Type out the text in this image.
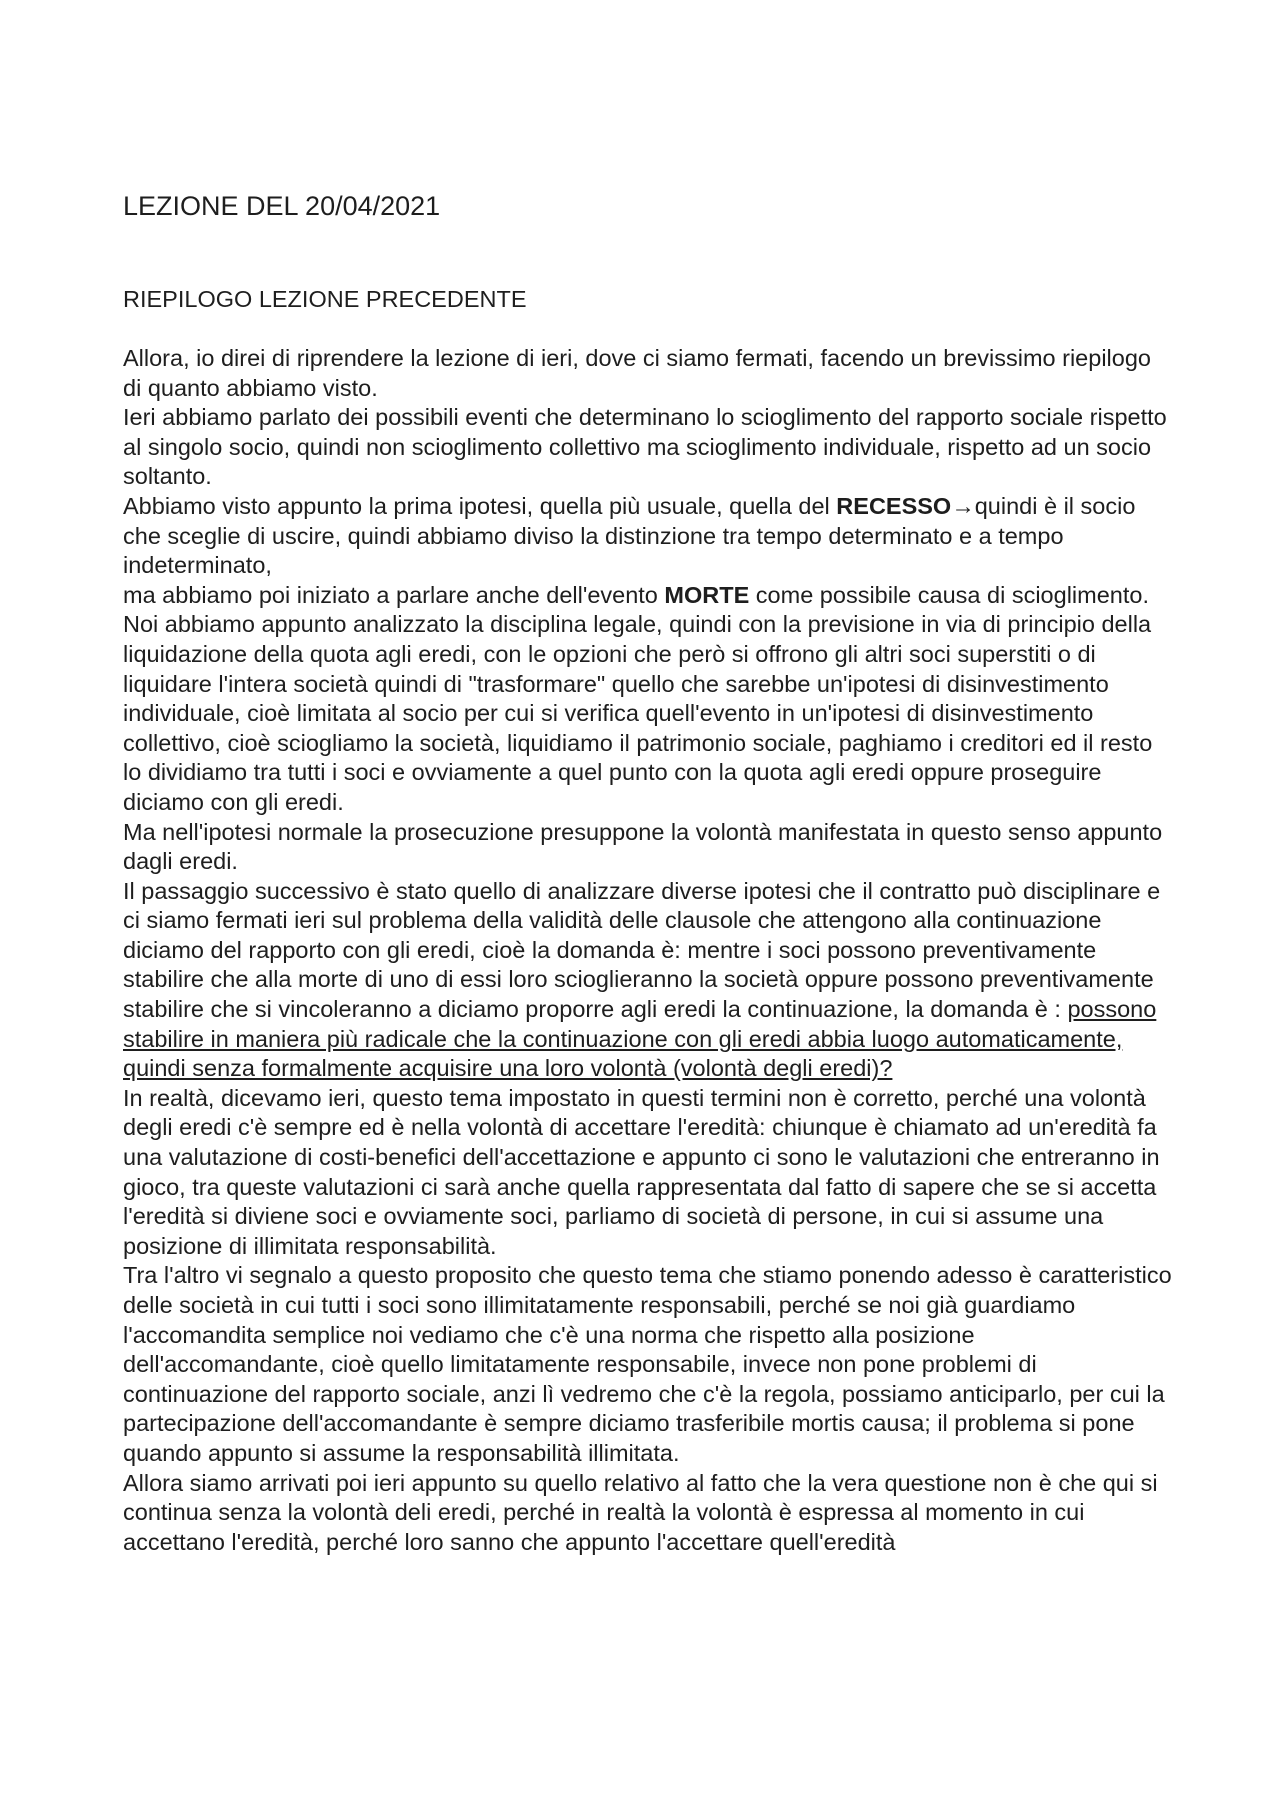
LEZIONE DEL 20/04/2021
RIEPILOGO LEZIONE PRECEDENTE

Allora, io direi di riprendere la lezione di ieri, dove ci siamo fermati, facendo un brevissimo riepilogo di quanto abbiamo visto.

Ieri abbiamo parlato dei possibili eventi che determinano lo scioglimento del rapporto sociale rispetto al singolo socio, quindi non scioglimento collettivo ma scioglimento individuale, rispetto ad un socio soltanto.

Abbiamo visto appunto la prima ipotesi, quella più usuale, quella del RECESSO→quindi è il socio che sceglie di uscire, quindi abbiamo diviso la distinzione tra tempo determinato e a tempo indeterminato,

ma abbiamo poi iniziato a parlare anche dell'evento MORTE come possibile causa di scioglimento.

Noi abbiamo appunto analizzato la disciplina legale, quindi con la previsione in via di principio della liquidazione della quota agli eredi, con le opzioni che però si offrono gli altri soci superstiti o di liquidare l'intera società quindi di "trasformare" quello che sarebbe un'ipotesi di disinvestimento individuale, cioè limitata al socio per cui si verifica quell'evento in un'ipotesi di disinvestimento collettivo, cioè sciogliamo la società, liquidiamo il patrimonio sociale, paghiamo i creditori ed il resto lo dividiamo tra tutti i soci e ovviamente a quel punto con la quota agli eredi oppure proseguire diciamo con gli eredi.

Ma nell'ipotesi normale la prosecuzione presuppone la volontà manifestata in questo senso appunto dagli eredi.

Il passaggio successivo è stato quello di analizzare diverse ipotesi che il contratto può disciplinare e ci siamo fermati ieri sul problema della validità delle clausole che attengono alla continuazione diciamo del rapporto con gli eredi, cioè la domanda è: mentre i soci possono preventivamente stabilire che alla morte di uno di essi loro scioglieranno la società oppure possono preventivamente stabilire che si vincoleranno a diciamo proporre agli eredi la continuazione, la domanda è : possono stabilire in maniera più radicale che la continuazione con gli eredi abbia luogo automaticamente, quindi senza formalmente acquisire una loro volontà (volontà degli eredi)?

In realtà, dicevamo ieri, questo tema impostato in questi termini non è corretto, perché una volontà degli eredi c'è sempre ed è nella volontà di accettare l'eredità: chiunque è chiamato ad un'eredità fa una valutazione di costi-benefici dell'accettazione e appunto ci sono le valutazioni che entreranno in gioco, tra queste valutazioni ci sarà anche quella rappresentata dal fatto di sapere che se si accetta l'eredità si diviene soci e ovviamente soci, parliamo di società di persone, in cui si assume una posizione di illimitata responsabilità.

Tra l'altro vi segnalo a questo proposito che questo tema che stiamo ponendo adesso è caratteristico delle società in cui tutti i soci sono illimitatamente responsabili, perché se noi già guardiamo l'accomandita semplice noi vediamo che c'è una norma che rispetto alla posizione dell'accomandante, cioè quello limitatamente responsabile, invece non pone problemi di continuazione del rapporto sociale, anzi lì vedremo che c'è la regola, possiamo anticiparlo, per cui la partecipazione dell'accomandante è sempre diciamo trasferibile mortis causa; il problema si pone quando appunto si assume la responsabilità illimitata.

Allora siamo arrivati poi ieri appunto su quello relativo al fatto che la vera questione non è che qui si continua senza la volontà deli eredi, perché in realtà la volontà è espressa al momento in cui accettano l'eredità, perché loro sanno che appunto l'accettare quell'eredità
